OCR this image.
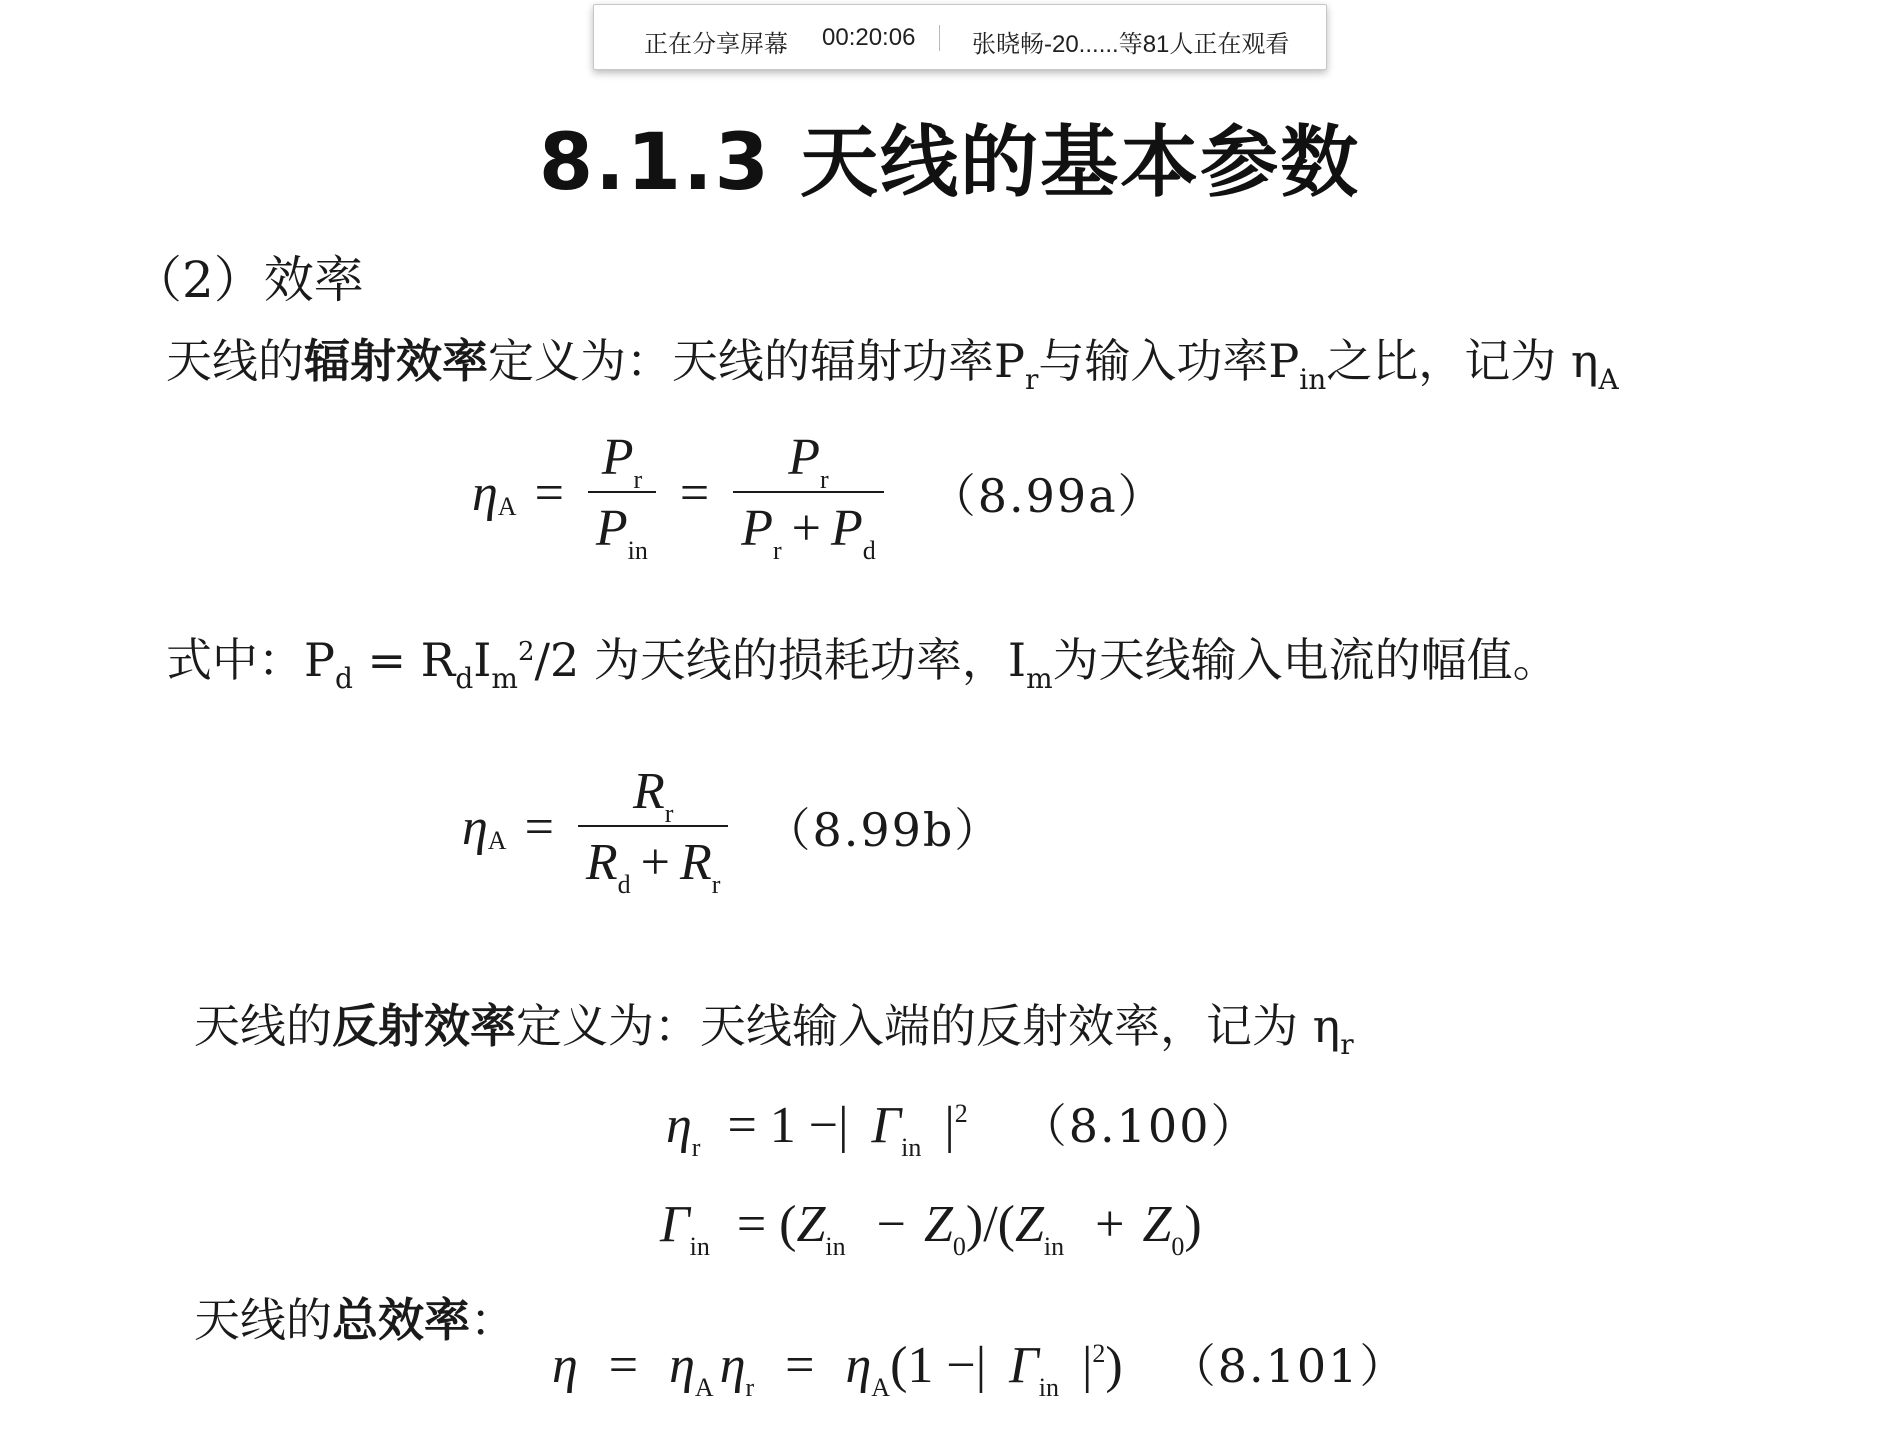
正在分享屏幕 00:20:06 张晓畅-20......等81人正在观看
8.1.3 天线的基本参数
（2）效率
天线的辐射效率定义为：天线的辐射功率$P_r$与输入功率$P_{in}$之比，记为 $\eta_A$
η $A = \frac{P_r}{P_{in}} = \frac{P_r}{P_r + P_d} (8.99a)$
式中：$P_d = R_dI_m^2/2$ 为天线的损耗功率，$I_m$为天线输入电流的幅值。
η $A = \frac{R_r}{R_d + R_r} (8.99b)$
天线的反射效率定义为：天线输入端的反射效率，记为 $\eta_r$
$\eta_r = 1$ −| $\Gamma_{in}$ $|^2$ （8.100）
$\Gamma_{in} = (Z_{in} - Z_0)/(Z_{in} + Z_0)$
天线的总效率：
$\eta = \eta_A$ $\eta_r = \eta_A(1$ −| $\Gamma_{in}$ $|^2$) （8.101）
